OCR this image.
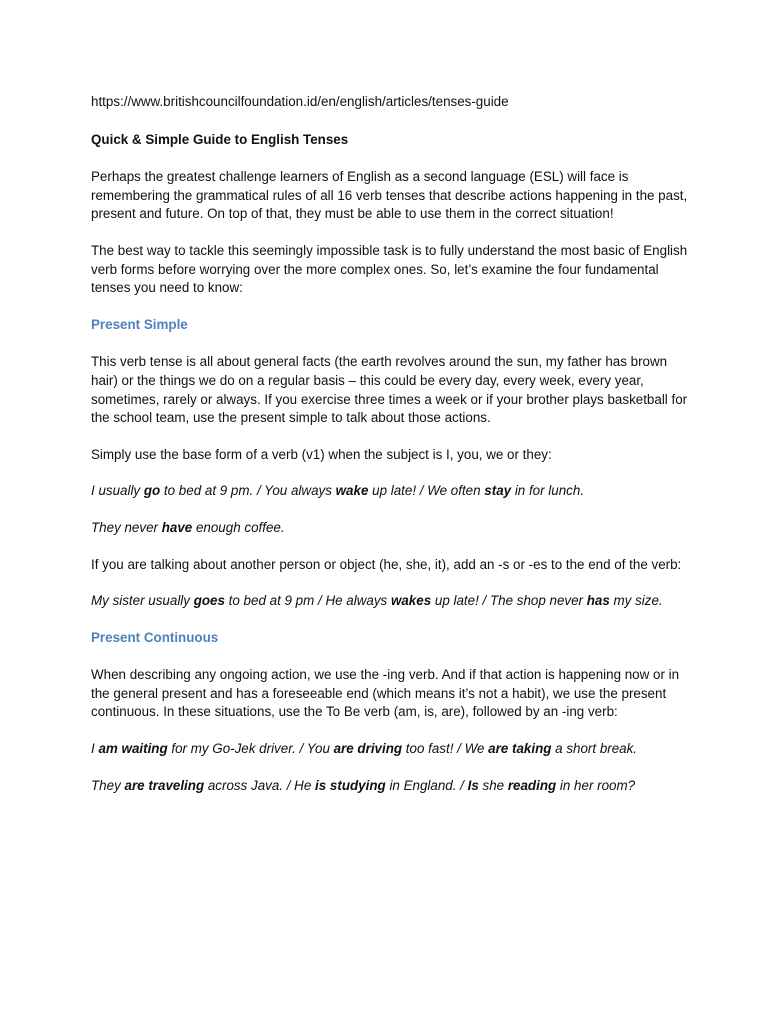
https://www.britishcouncilfoundation.id/en/english/articles/tenses-guide

Quick & Simple Guide to English Tenses

Perhaps the greatest challenge learners of English as a second language (ESL) will face is remembering the grammatical rules of all 16 verb tenses that describe actions happening in the past, present and future. On top of that, they must be able to use them in the correct situation!

The best way to tackle this seemingly impossible task is to fully understand the most basic of English verb forms before worrying over the more complex ones. So, let’s examine the four fundamental tenses you need to know:

Present Simple

This verb tense is all about general facts (the earth revolves around the sun, my father has brown hair) or the things we do on a regular basis – this could be every day, every week, every year, sometimes, rarely or always. If you exercise three times a week or if your brother plays basketball for the school team, use the present simple to talk about those actions.

Simply use the base form of a verb (v1) when the subject is I, you, we or they:

I usually go to bed at 9 pm. / You always wake up late! / We often stay in for lunch.

They never have enough coffee.

If you are talking about another person or object (he, she, it), add an -s or -es to the end of the verb:

My sister usually goes to bed at 9 pm / He always wakes up late! / The shop never has my size.

Present Continuous

When describing any ongoing action, we use the -ing verb. And if that action is happening now or in the general present and has a foreseeable end (which means it’s not a habit), we use the present continuous. In these situations, use the To Be verb (am, is, are), followed by an -ing verb:

I am waiting for my Go-Jek driver. / You are driving too fast! / We are taking a short break.

They are traveling across Java. / He is studying in England. / Is she reading in her room?
